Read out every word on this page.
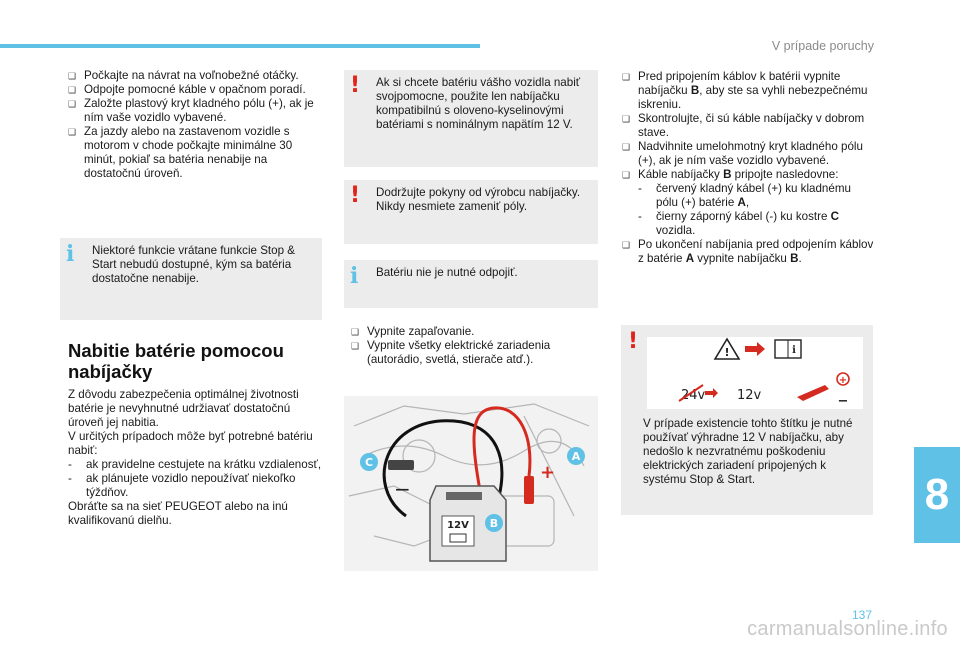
V prípade poruchy
❑ Počkajte na návrat na voľnobežné otáčky.
❑ Odpojte pomocné káble v opačnom poradí.
❑ Založte plastový kryt kladného pólu (+), ak je ním vaše vozidlo vybavené.
❑ Za jazdy alebo na zastavenom vozidle s motorom v chode počkajte minimálne 30 minút, pokiaľ sa batéria nenabije na dostatočnú úroveň.
i Niektoré funkcie vrátane funkcie Stop & Start nebudú dostupné, kým sa batéria dostatočne nenabije.
Nabitie batérie pomocou
nabíjačky
Z dôvodu zabezpečenia optimálnej životnosti batérie je nevyhnutné udržiavať dostatočnú úroveň jej nabitia.
V určitých prípadoch môže byť potrebné batériu nabiť:
-	ak pravidelne cestujete na krátku vzdialenosť,
-	ak plánujete vozidlo nepoužívať niekoľko týždňov.
Obráťte sa na sieť PEUGEOT alebo na inú kvalifikovanú dielňu.
! Ak si chcete batériu vášho vozidla nabiť svojpomocne, použite len nabíjačku kompatibilnú s oloveno-kyselinovými batériami s nominálnym napätím 12 V.
! Dodržujte pokyny od výrobcu nabíjačky. Nikdy nesmiete zameniť póly.
i Batériu nie je nutné odpojiť.
❑ Vypnite zapaľovanie.
❑ Vypnite všetky elektrické zariadenia (autorádio, svetlá, stierače atď.).
−
+
12V
A
B
C
❑ Pred pripojením káblov k batérii vypnite nabíjačku B, aby ste sa vyhli nebezpečnému iskreniu.
❑ Skontrolujte, či sú káble nabíjačky v dobrom stave.
❑ Nadvihnite umelohmotný kryt kladného pólu (+), ak je ním vaše vozidlo vybavené.
❑ Káble nabíjačky B pripojte nasledovne:
-	červený kladný kábel (+) ku kladnému pólu (+) batérie A,
-	čierny záporný kábel (-) ku kostre C vozidla.
❑ Po ukončení nabíjania pred odpojením káblov z batérie A vypnite nabíjačku B.
!	!	i
24v 12v
+
−
V prípade existencie tohto štítku je nutné používať výhradne 12 V nabíjačku, aby nedošlo k nezvratnému poškodeniu elektrických zariadení pripojených k systému Stop & Start.	8
137
carmanualsonline.info
